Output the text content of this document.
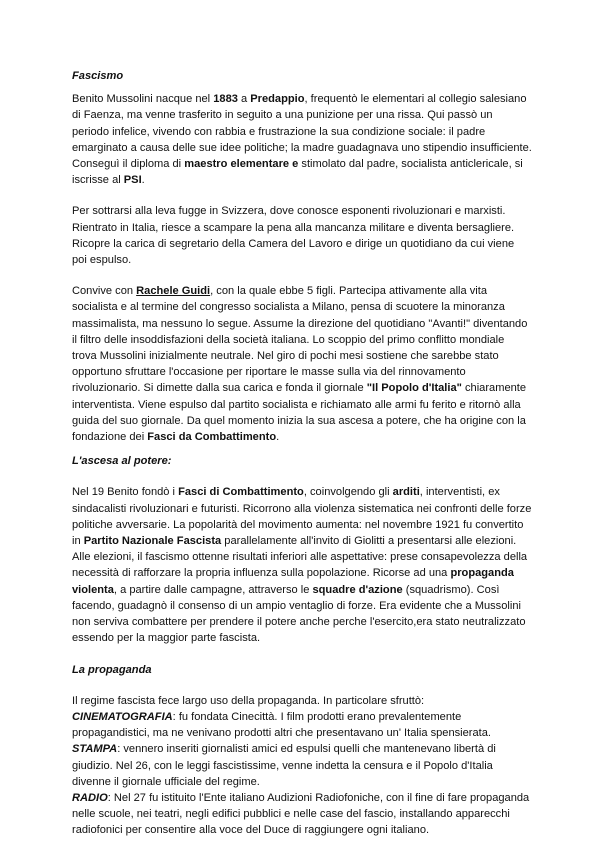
Fascismo

Benito Mussolini nacque nel 1883 a Predappio, frequentò le elementari al collegio salesiano di Faenza, ma venne trasferito in seguito a una punizione per una rissa. Qui passò un periodo infelice, vivendo con rabbia e frustrazione la sua condizione sociale: il padre emarginato a causa delle sue idee politiche; la madre guadagnava uno stipendio insufficiente. Conseguì il diploma di maestro elementare e stimolato dal padre, socialista anticlericale, si iscrisse al PSI.

Per sottrarsi alla leva fugge in Svizzera, dove conosce esponenti rivoluzionari e marxisti. Rientrato in Italia, riesce a scampare la pena alla mancanza militare e diventa bersagliere. Ricopre la carica di segretario della Camera del Lavoro e dirige un quotidiano da cui viene poi espulso.

Convive con Rachele Guidi, con la quale ebbe 5 figli. Partecipa attivamente alla vita socialista e al termine del congresso socialista a Milano, pensa di scuotere la minoranza massimalista, ma nessuno lo segue. Assume la direzione del quotidiano "Avanti!" diventando il filtro delle insoddisfazioni della società italiana. Lo scoppio del primo conflitto mondiale trova Mussolini inizialmente neutrale. Nel giro di pochi mesi sostiene che sarebbe stato opportuno sfruttare l'occasione per riportare le masse sulla via del rinnovamento rivoluzionario. Si dimette dalla sua carica e fonda il giornale "Il Popolo d'Italia" chiaramente interventista. Viene espulso dal partito socialista e richiamato alle armi fu ferito e ritornò alla guida del suo giornale. Da quel momento inizia la sua ascesa a potere, che ha origine con la fondazione dei Fasci da Combattimento.

L'ascesa al potere:

Nel 19 Benito fondò i Fasci di Combattimento, coinvolgendo gli arditi, interventisti, ex sindacalisti rivoluzionari e futuristi. Ricorrono alla violenza sistematica nei confronti delle forze politiche avversarie. La popolarità del movimento aumenta: nel novembre 1921 fu convertito in Partito Nazionale Fascista parallelamente all'invito di Giolitti a presentarsi alle elezioni. Alle elezioni, il fascismo ottenne risultati inferiori alle aspettative: prese consapevolezza della necessità di rafforzare la propria influenza sulla popolazione. Ricorse ad una propaganda violenta, a partire dalle campagne, attraverso le squadre d'azione (squadrismo). Così facendo, guadagnò il consenso di un ampio ventaglio di forze. Era evidente che a Mussolini non serviva combattere per prendere il potere anche perche l'esercito,era stato neutralizzato essendo per la maggior parte fascista.

La propaganda

Il regime fascista fece largo uso della propaganda. In particolare sfruttò:

CINEMATOGRAFIA: fu fondata Cinecittà. I film prodotti erano prevalentemente propagandistici, ma ne venivano prodotti altri che presentavano un' Italia spensierata.

STAMPA: vennero inseriti giornalisti amici ed espulsi quelli che mantenevano libertà di giudizio. Nel 26, con le leggi fascistissime, venne indetta la censura e il Popolo d'Italia divenne il giornale ufficiale del regime.

RADIO: Nel 27 fu istituito l'Ente italiano Audizioni Radiofoniche, con il fine di fare propaganda nelle scuole, nei teatri, negli edifici pubblici e nelle case del fascio, installando apparecchi radiofonici per consentire alla voce del Duce di raggiungere ogni italiano.
